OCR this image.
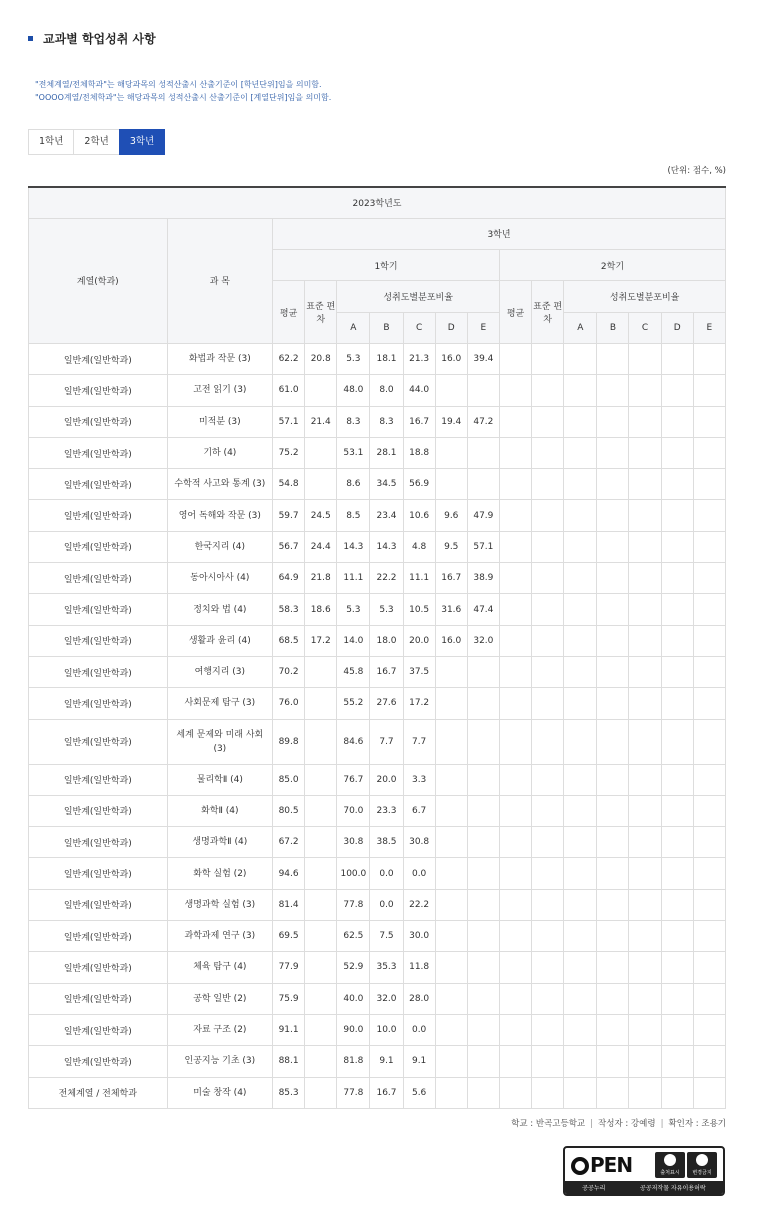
교과별 학업성취 사항
"전체계열/전체학과"는 해당과목의 성적산출시 산출기준이 [학년단위]임을 의미함.
"OOOO계열/전체학과"는 해당과목의 성적산출시 산출기준이 [계열단위]임을 의미함.
1학년	2학년	3학년
(단위: 점수, %)
2023학년도															
계열(학과)	과 목	3학년													
		1학기							2학기						
		평균	표준 편차	성취도별분포비율					평균	표준 편차	성취도별분포비율				
				A	B	C	D	E			A	B	C	D	E
일반계(일반학과)	화법과 작문 (3)	62.2	20.8	5.3	18.1	21.3	16.0	39.4							
일반계(일반학과)	고전 읽기 (3)	61.0		48.0	8.0	44.0									
일반계(일반학과)	미적분 (3)	57.1	21.4	8.3	8.3	16.7	19.4	47.2							
일반계(일반학과)	기하 (4)	75.2		53.1	28.1	18.8									
일반계(일반학과)	수학적 사고와 통계 (3)	54.8		8.6	34.5	56.9									
일반계(일반학과)	영어 독해와 작문 (3)	59.7	24.5	8.5	23.4	10.6	9.6	47.9							
일반계(일반학과)	한국지리 (4)	56.7	24.4	14.3	14.3	4.8	9.5	57.1							
일반계(일반학과)	동아시아사 (4)	64.9	21.8	11.1	22.2	11.1	16.7	38.9							
일반계(일반학과)	정치와 법 (4)	58.3	18.6	5.3	5.3	10.5	31.6	47.4							
일반계(일반학과)	생활과 윤리 (4)	68.5	17.2	14.0	18.0	20.0	16.0	32.0							
일반계(일반학과)	여행지리 (3)	70.2		45.8	16.7	37.5									
일반계(일반학과)	사회문제 탐구 (3)	76.0		55.2	27.6	17.2									
일반계(일반학과)	세계 문제와 미래 사회 (3)	89.8		84.6	7.7	7.7									
일반계(일반학과)	물리학Ⅱ (4)	85.0		76.7	20.0	3.3									
일반계(일반학과)	화학Ⅱ (4)	80.5		70.0	23.3	6.7									
일반계(일반학과)	생명과학Ⅱ (4)	67.2		30.8	38.5	30.8									
일반계(일반학과)	화학 실험 (2)	94.6		100.0	0.0	0.0									
일반계(일반학과)	생명과학 실험 (3)	81.4		77.8	0.0	22.2									
일반계(일반학과)	과학과제 연구 (3)	69.5		62.5	7.5	30.0									
일반계(일반학과)	체육 탐구 (4)	77.9		52.9	35.3	11.8									
일반계(일반학과)	공학 일반 (2)	75.9		40.0	32.0	28.0									
일반계(일반학과)	자료 구조 (2)	91.1		90.0	10.0	0.0									
일반계(일반학과)	인공지능 기초 (3)	88.1		81.8	9.1	9.1									
전체계열 / 전체학과	미술 창작 (4)	85.3		77.8	16.7	5.6									
학교 : 반곡고등학교 | 작성자 : 강예령 | 확인자 : 조용기
PEN	출처표시	변경금지
공공누리	공공저작물 자유이용허락
